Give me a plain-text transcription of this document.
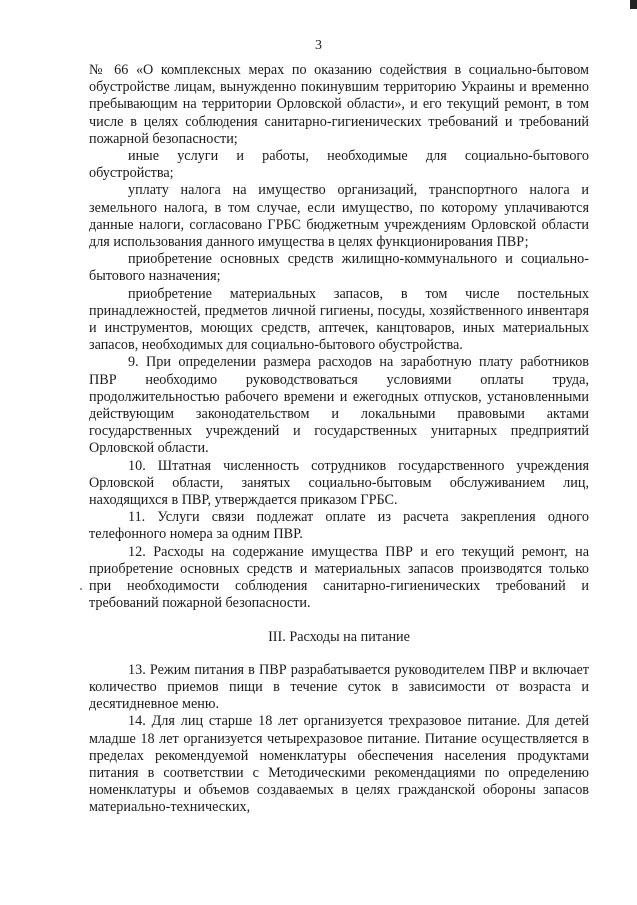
3

№ 66 «О комплексных мерах по оказанию содействия в социально-бытовом обустройстве лицам, вынужденно покинувшим территорию Украины и временно пребывающим на территории Орловской области», и его текущий ремонт, в том числе в целях соблюдения санитарно-гигиенических требований и требований пожарной безопасности;

иные услуги и работы, необходимые для социально-бытового обустройства;

уплату налога на имущество организаций, транспортного налога и земельного налога, в том случае, если имущество, по которому уплачиваются данные налоги, согласовано ГРБС бюджетным учреждениям Орловской области для использования данного имущества в целях функционирования ПВР;

приобретение основных средств жилищно-коммунального и социально-бытового назначения;

приобретение материальных запасов, в том числе постельных принадлежностей, предметов личной гигиены, посуды, хозяйственного инвентаря и инструментов, моющих средств, аптечек, канцтоваров, иных материальных запасов, необходимых для социально-бытового обустройства.

9. При определении размера расходов на заработную плату работников ПВР необходимо руководствоваться условиями оплаты труда, продолжительностью рабочего времени и ежегодных отпусков, установленными действующим законодательством и локальными правовыми актами государственных учреждений и государственных унитарных предприятий Орловской области.

10. Штатная численность сотрудников государственного учреждения Орловской области, занятых социально-бытовым обслуживанием лиц, находящихся в ПВР, утверждается приказом ГРБС.

11. Услуги связи подлежат оплате из расчета закрепления одного телефонного номера за одним ПВР.

12. Расходы на содержание имущества ПВР и его текущий ремонт, на приобретение основных средств и материальных запасов производятся только при необходимости соблюдения санитарно-гигиенических требований и требований пожарной безопасности.

III. Расходы на питание

13. Режим питания в ПВР разрабатывается руководителем ПВР и включает количество приемов пищи в течение суток в зависимости от возраста и десятидневное меню.

14. Для лиц старше 18 лет организуется трехразовое питание. Для детей младше 18 лет организуется четырехразовое питание. Питание осуществляется в пределах рекомендуемой номенклатуры обеспечения населения продуктами питания в соответствии с Методическими рекомендациями по определению номенклатуры и объемов создаваемых в целях гражданской обороны запасов материально-технических,
